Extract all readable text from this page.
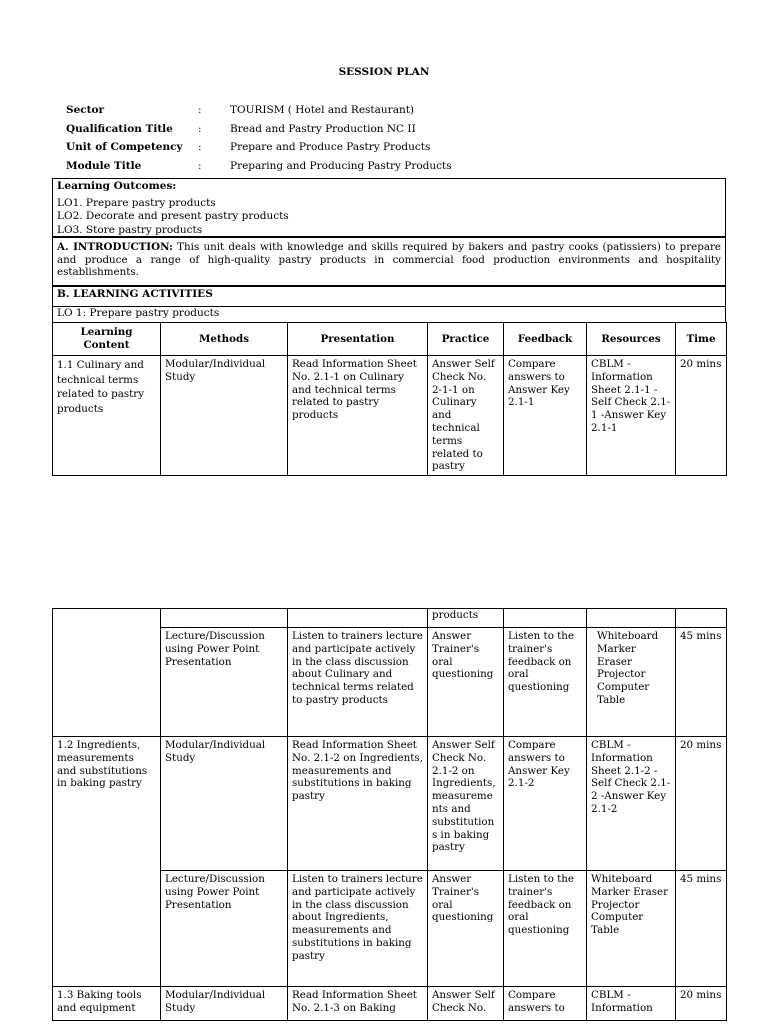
SESSION PLAN
Sector	:	TOURISM ( Hotel and Restaurant)
Qualification Title	:	Bread and Pastry Production NC II
Unit of Competency	:	Prepare and Produce Pastry Products
Module Title	:	Preparing and Producing Pastry Products
Learning Outcomes:
LO1. Prepare pastry products
LO2. Decorate and present pastry products
LO3. Store pastry products
A. INTRODUCTION: This unit deals with knowledge and skills required by bakers and pastry cooks (patissiers) to prepare and produce a range of high-quality pastry products in commercial food production environments and hospitality establishments.
B. LEARNING ACTIVITIES
LO 1: Prepare pastry products
Learning Content	Methods	Presentation	Practice	Feedback	Resources	Time
1.1 Culinary and technical terms related to pastry products	Modular/Individual Study	Read Information Sheet No. 2.1-1 on Culinary and technical terms related to pastry products	Answer Self Check No. 2-1-1 on Culinary and technical terms related to pastry	Compare answers to Answer Key 2.1-1	CBLM -Information Sheet 2.1-1 -Self Check 2.1-1 -Answer Key 2.1-1	20 mins
			products			
	Lecture/Discussion using Power Point Presentation	Listen to trainers lecture and participate actively in the class discussion about Culinary and technical terms related to pastry products	Answer Trainer's oral questioning	Listen to the trainer's feedback on oral questioning	Whiteboard Marker Eraser Projector Computer Table	45 mins
1.2 Ingredients, measurements and substitutions in baking pastry	Modular/Individual Study	Read Information Sheet No. 2.1-2 on Ingredients, measurements and substitutions in baking pastry	Answer Self Check No. 2.1-2 on Ingredients, measureme nts and substitution s in baking pastry	Compare answers to Answer Key 2.1-2	CBLM -Information Sheet 2.1-2 -Self Check 2.1-2 -Answer Key 2.1-2	20 mins
	Lecture/Discussion using Power Point Presentation	Listen to trainers lecture and participate actively in the class discussion about Ingredients, measurements and substitutions in baking pastry	Answer Trainer's oral questioning	Listen to the trainer's feedback on oral questioning	Whiteboard Marker Eraser Projector Computer Table	45 mins
1.3 Baking tools and equipment	Modular/Individual Study	Read Information Sheet No. 2.1-3 on Baking	Answer Self Check No.	Compare answers to	CBLM -Information	20 mins
